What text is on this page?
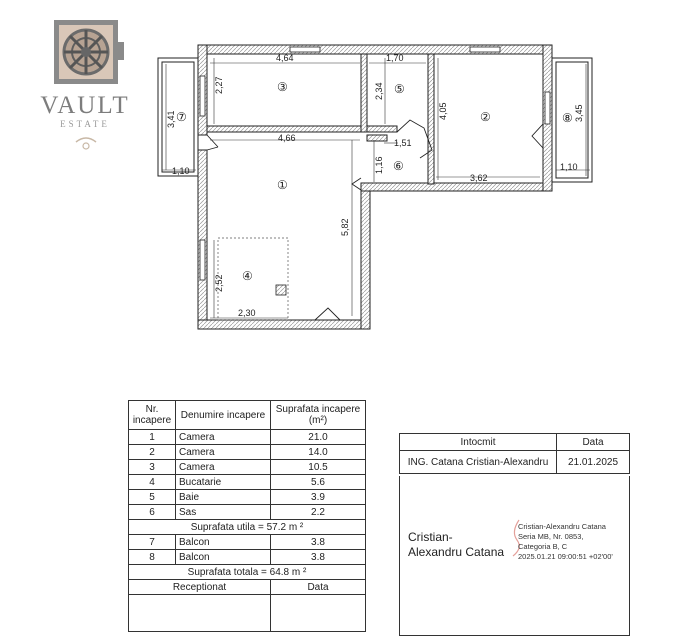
VAULT
ESTATE
4,64
2,27
1,70
2,34
4,05
3,62
3,41
1,10
3,45
1,10
4,66
5,82
1,51
1,16
2,52
2,30
①
②
③
④
⑤
⑥
⑦	⑧
Nr. incapere	Denumire incapere	Suprafata incapere (m²)
1	Camera	21.0
2	Camera	14.0
3	Camera	10.5
4	Bucatarie	5.6
5	Baie	3.9
6	Sas	2.2
Suprafata utila = 57.2 m ²		
7	Balcon	3.8
8	Balcon	3.8
Suprafata totala = 64.8 m ²		
Receptionat		Data

Intocmit	Data
ING. Catana Cristian-Alexandru	21.01.2025
Cristian-
Alexandru Catana
Cristian-Alexandru Catana
Seria MB, Nr. 0853,
Categoria B, C
2025.01.21 09:00:51 +02'00'
